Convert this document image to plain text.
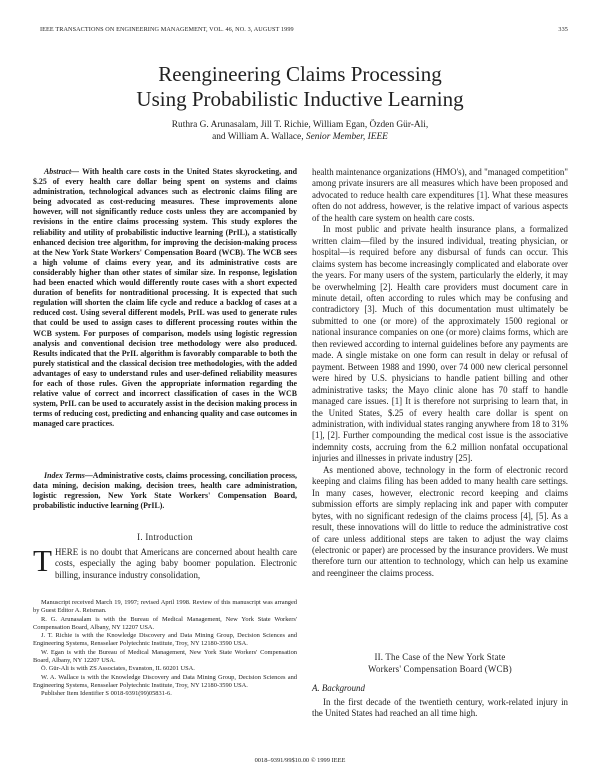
IEEE TRANSACTIONS ON ENGINEERING MANAGEMENT, VOL. 46, NO. 3, AUGUST 1999	335
Reengineering Claims Processing
Using Probabilistic Inductive Learning
Ruthra G. Arunasalam, Jill T. Richie, William Egan, Özden Gür-Ali,
and William A. Wallace, Senior Member, IEEE
Abstract— With health care costs in the United States skyrocketing, and $.25 of every health care dollar being spent on systems and claims administration, technological advances such as electronic claims filing are being advocated as cost-reducing measures. These improvements alone however, will not significantly reduce costs unless they are accompanied by revisions in the entire claims processing system. This study explores the reliability and utility of probabilistic inductive learning (PrIL), a statistically enhanced decision tree algorithm, for improving the decision-making process at the New York State Workers' Compensation Board (WCB). The WCB sees a high volume of claims every year, and its administrative costs are considerably higher than other states of similar size. In response, legislation had been enacted which would differently route cases with a short expected duration of benefits for nontraditional processing. It is expected that such regulation will shorten the claim life cycle and reduce a backlog of cases at a reduced cost. Using several different models, PrIL was used to generate rules that could be used to assign cases to different processing routes within the WCB system. For purposes of comparison, models using logistic regression analysis and conventional decision tree methodology were also produced. Results indicated that the PrIL algorithm is favorably comparable to both the purely statistical and the classical decision tree methodologies, with the added advantages of easy to understand rules and user-defined reliability measures for each of those rules. Given the appropriate information regarding the relative value of correct and incorrect classification of cases in the WCB system, PrIL can be used to accurately assist in the decision making process in terms of reducing cost, predicting and enhancing quality and case outcomes in managed care practices.
Index Terms—Administrative costs, claims processing, conciliation process, data mining, decision making, decision trees, health care administration, logistic regression, New York State Workers' Compensation Board, probabilistic inductive learning (PrIL).
I. Introduction
THERE is no doubt that Americans are concerned about health care costs, especially the aging baby boomer population. Electronic billing, insurance industry consolidation,

Manuscript received March 19, 1997; revised April 1998. Review of this manuscript was arranged by Guest Editor A. Reisman.

R. G. Arunasalam is with the Bureau of Medical Management, New York State Workers' Compensation Board, Albany, NY 12207 USA.

J. T. Richie is with the Knowledge Discovery and Data Mining Group, Decision Sciences and Engineering Systems, Rensselaer Polytechnic Institute, Troy, NY 12180-3590 USA.

W. Egan is with the Bureau of Medical Management, New York State Workers' Compensation Board, Albany, NY 12207 USA.

Ö. Gür-Ali is with ZS Associates, Evanston, IL 60201 USA.

W. A. Wallace is with the Knowledge Discovery and Data Mining Group, Decision Sciences and Engineering Systems, Rensselaer Polytechnic Institute, Troy, NY 12180-3590 USA.

Publisher Item Identifier S 0018-9391(99)05831-6.

health maintenance organizations (HMO's), and "managed competition" among private insurers are all measures which have been proposed and advocated to reduce health care expenditures [1]. What these measures often do not address, however, is the relative impact of various aspects of the health care system on health care costs.

In most public and private health insurance plans, a formalized written claim—filed by the insured individual, treating physician, or hospital—is required before any disbursal of funds can occur. This claims system has become increasingly complicated and elaborate over the years. For many users of the system, particularly the elderly, it may be overwhelming [2]. Health care providers must document care in minute detail, often according to rules which may be confusing and contradictory [3]. Much of this documentation must ultimately be submitted to one (or more) of the approximately 1500 regional or national insurance companies on one (or more) claims forms, which are then reviewed according to internal guidelines before any payments are made. A single mistake on one form can result in delay or refusal of payment. Between 1988 and 1990, over 74 000 new clerical personnel were hired by U.S. physicians to handle patient billing and other administrative tasks; the Mayo clinic alone has 70 staff to handle managed care issues. [1] It is therefore not surprising to learn that, in the United States, $.25 of every health care dollar is spent on administration, with individual states ranging anywhere from 18 to 31% [1], [2]. Further compounding the medical cost issue is the associative indemnity costs, accruing from the 6.2 million nonfatal occupational injuries and illnesses in private industry [25].

As mentioned above, technology in the form of electronic record keeping and claims filing has been added to many health care settings. In many cases, however, electronic record keeping and claims submission efforts are simply replacing ink and paper with computer bytes, with no significant redesign of the claims process [4], [5]. As a result, these innovations will do little to reduce the administrative cost of care unless additional steps are taken to adjust the way claims (electronic or paper) are processed by the insurance providers. We must therefore turn our attention to technology, which can help us examine and reengineer the claims process.

II. The Case of the New York State
Workers' Compensation Board (WCB)
A. Background

In the first decade of the twentieth century, work-related injury in the United States had reached an all time high.

0018–9391/99$10.00 © 1999 IEEE
